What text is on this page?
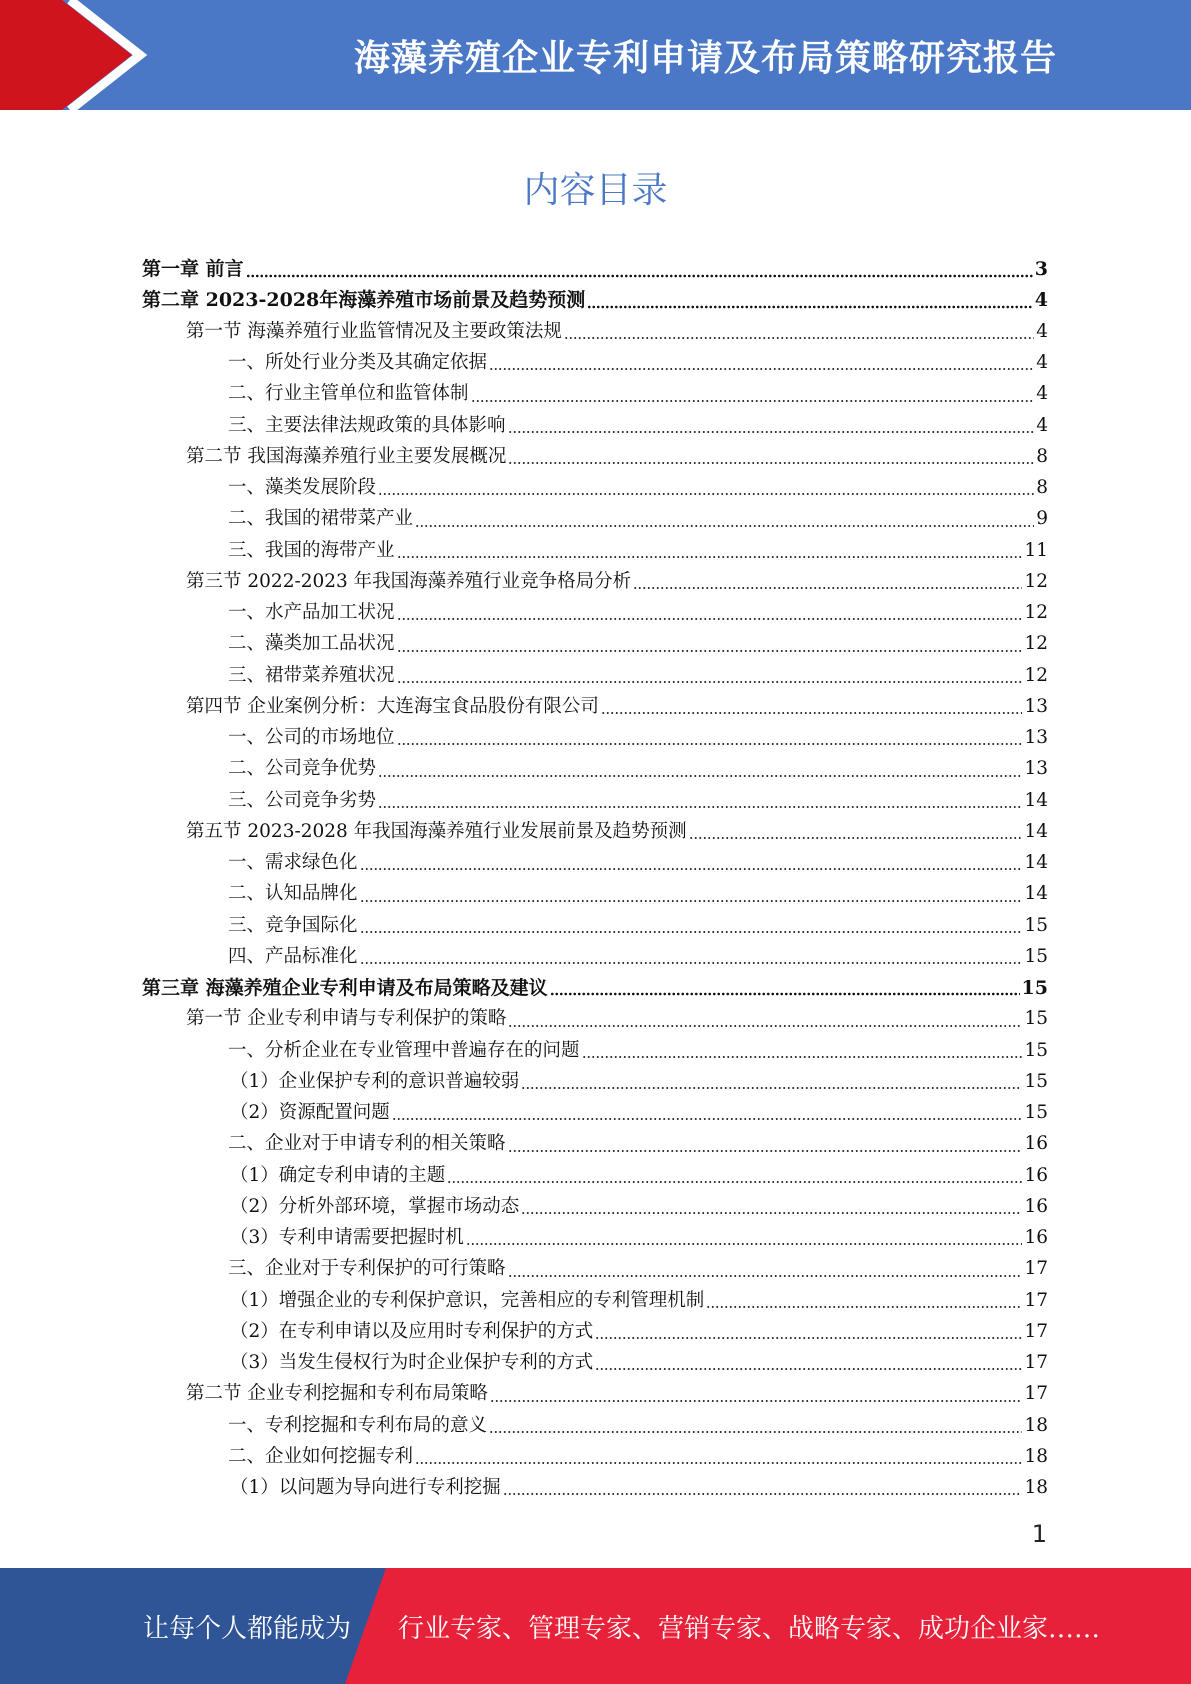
海藻养殖企业专利申请及布局策略研究报告
内容目录
第一章 前言	3
第二章 2023-2028年海藻养殖市场前景及趋势预测	4
第一节 海藻养殖行业监管情况及主要政策法规	4
一、所处行业分类及其确定依据	4
二、行业主管单位和监管体制	4
三、主要法律法规政策的具体影响	4
第二节 我国海藻养殖行业主要发展概况	8
一、藻类发展阶段	8
二、我国的裙带菜产业	9
三、我国的海带产业	11
第三节 2022-2023 年我国海藻养殖行业竞争格局分析	12
一、水产品加工状况	12
二、藻类加工品状况	12
三、裙带菜养殖状况	12
第四节 企业案例分析：大连海宝食品股份有限公司	13
一、公司的市场地位	13
二、公司竞争优势	13
三、公司竞争劣势	14
第五节 2023-2028 年我国海藻养殖行业发展前景及趋势预测	14
一、需求绿色化	14
二、认知品牌化	14
三、竞争国际化	15
四、产品标准化	15
第三章 海藻养殖企业专利申请及布局策略及建议	15
第一节 企业专利申请与专利保护的策略	15
一、分析企业在专业管理中普遍存在的问题	15
（1）企业保护专利的意识普遍较弱	15
（2）资源配置问题	15
二、企业对于申请专利的相关策略	16
（1）确定专利申请的主题	16
（2）分析外部环境，掌握市场动态	16
（3）专利申请需要把握时机	16
三、企业对于专利保护的可行策略	17
（1）增强企业的专利保护意识，完善相应的专利管理机制	17
（2）在专利申请以及应用时专利保护的方式	17
（3）当发生侵权行为时企业保护专利的方式	17
第二节 企业专利挖掘和专利布局策略	17
一、专利挖掘和专利布局的意义	18
二、企业如何挖掘专利	18
（1）以问题为导向进行专利挖掘	18
1
让每个人都能成为 行业专家、管理专家、营销专家、战略专家、成功企业家……
